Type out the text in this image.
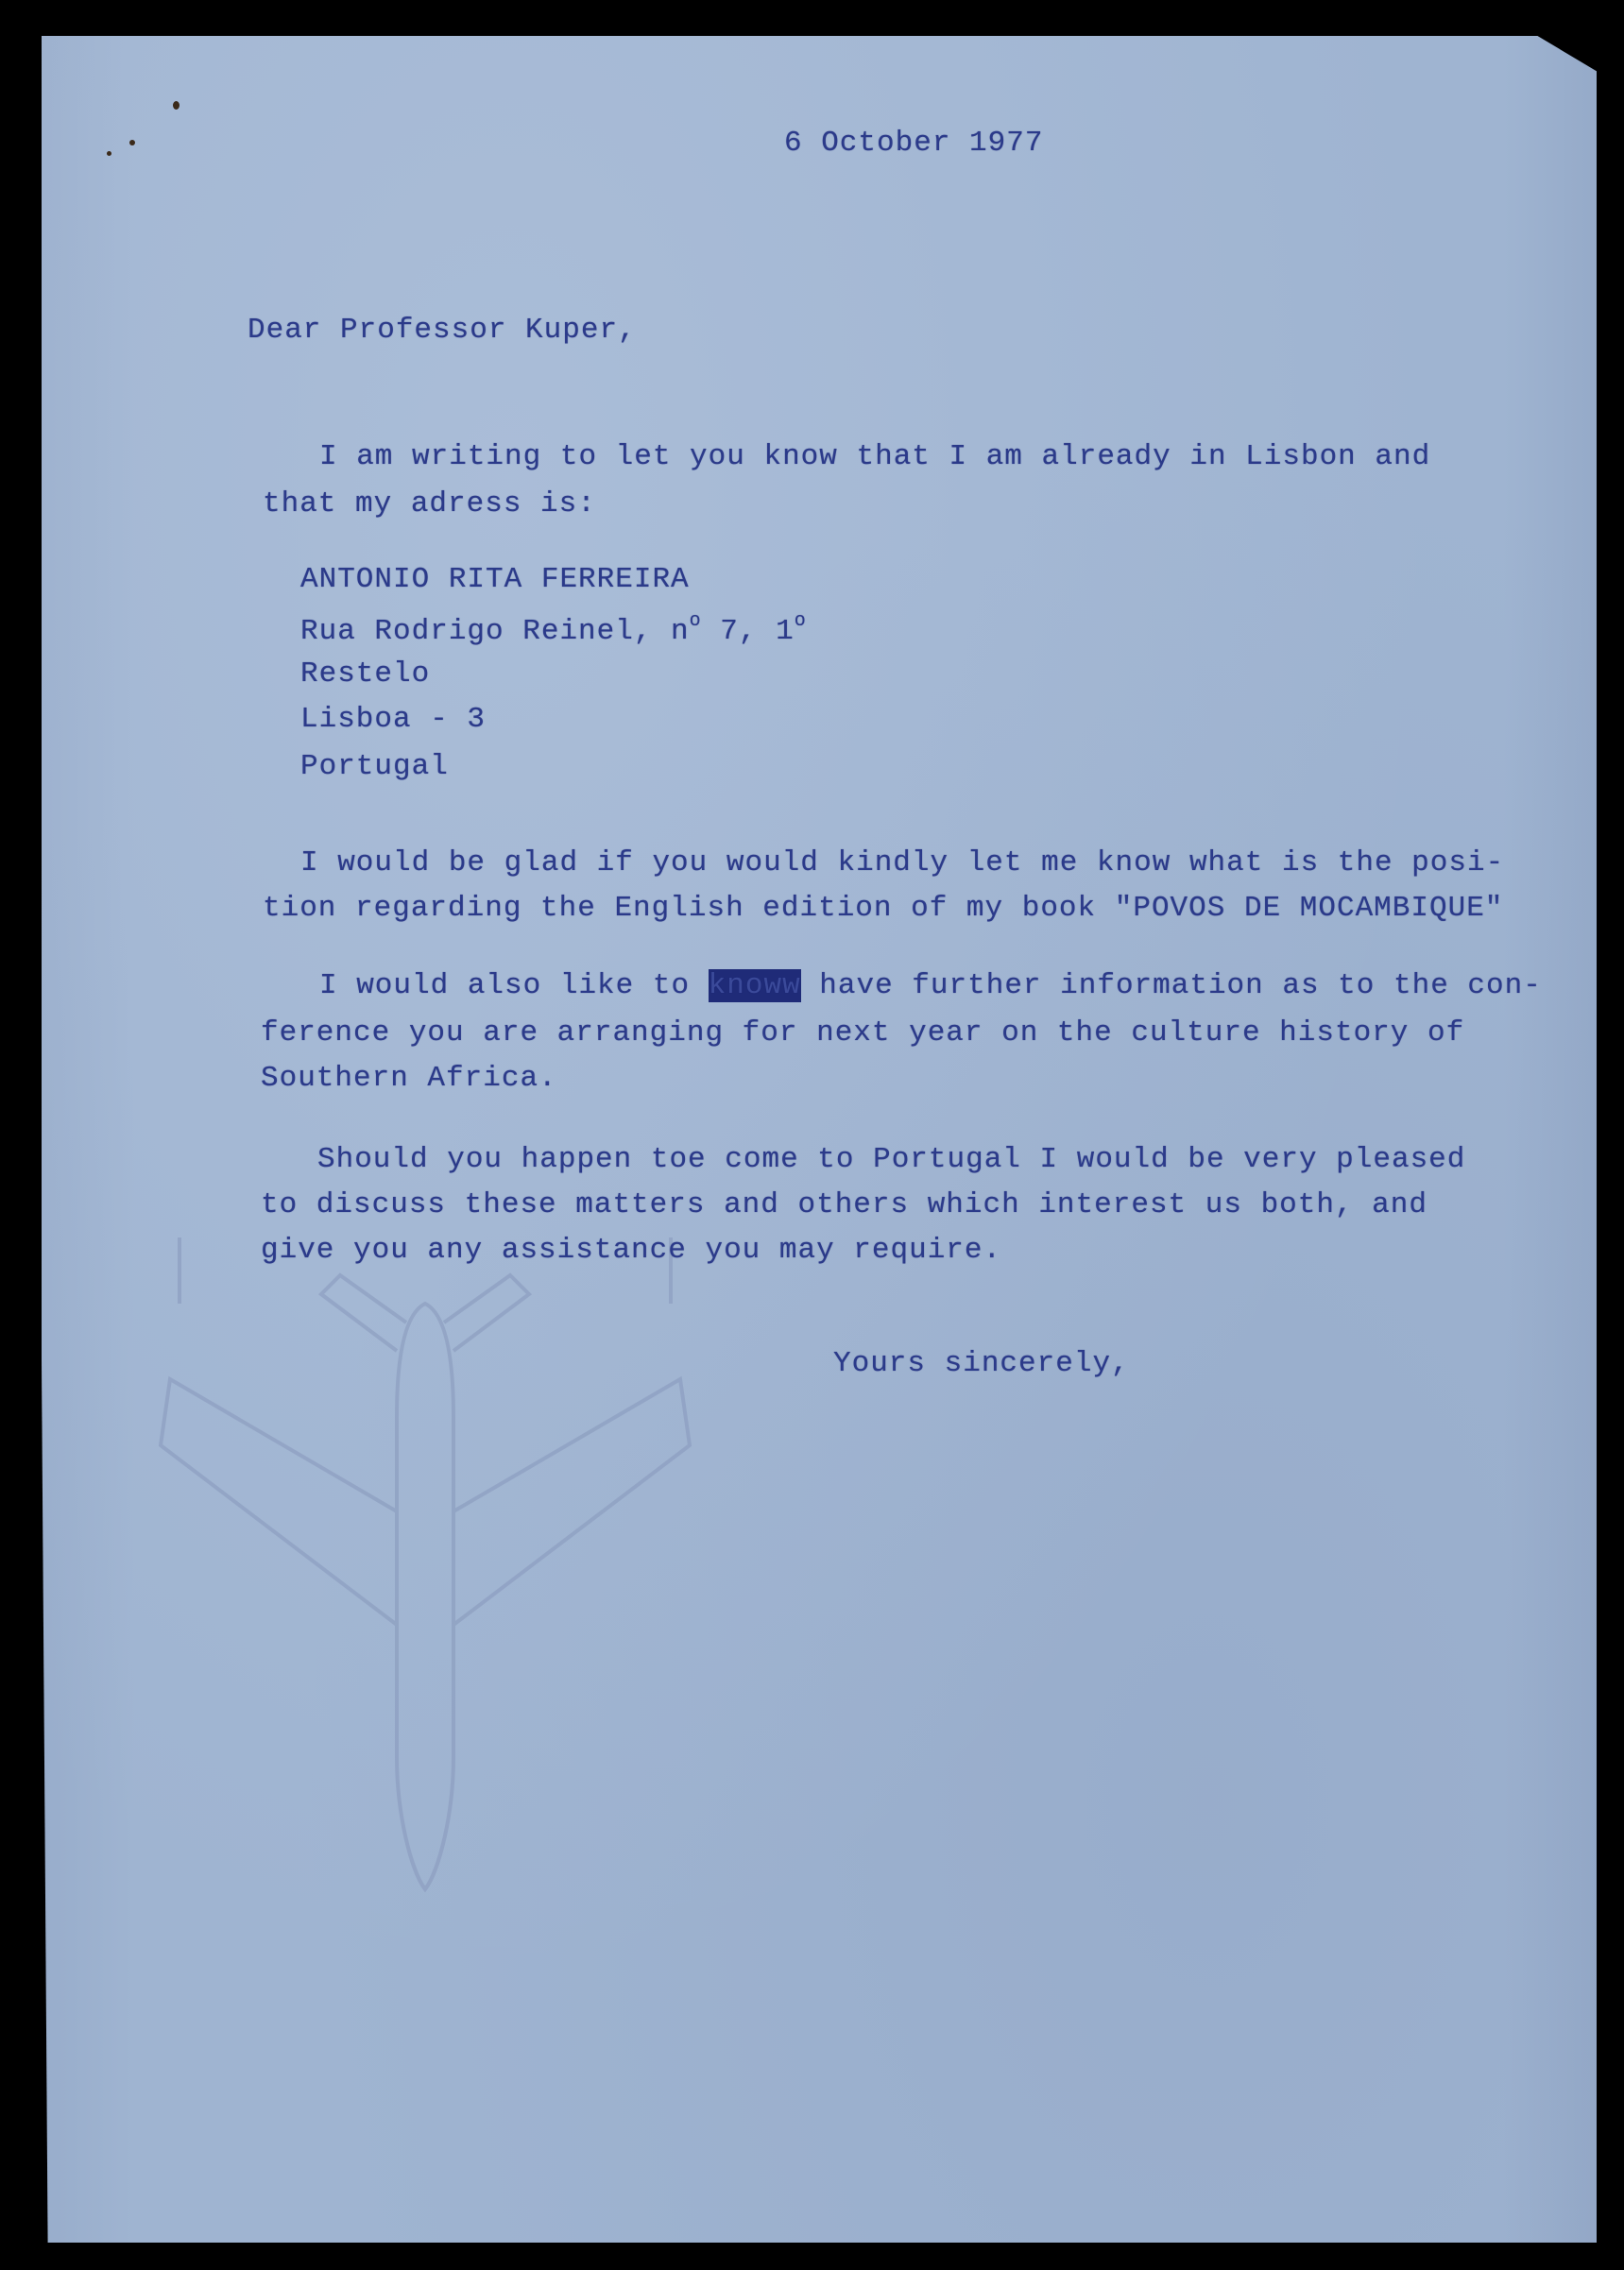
6 October 1977
Dear Professor Kuper,
I am writing to let you know that I am already in Lisbon and
that my adress is:
ANTONIO RITA FERREIRA
Rua Rodrigo Reinel, $n^o$ 7, 1$^o$
Restelo
Lisboa - 3
Portugal
I would be glad if you would kindly let me know what is the posi-
tion regarding the English edition of my book "POVOS DE MOCAMBIQUE"
I would also like to knoww have further information as to the con-
ference you are arranging for next year on the culture history of
Southern Africa.
Should you happen toe come to Portugal I would be very pleased
to discuss these matters and others which interest us both, and
give you any assistance you may require.
Yours sincerely,
